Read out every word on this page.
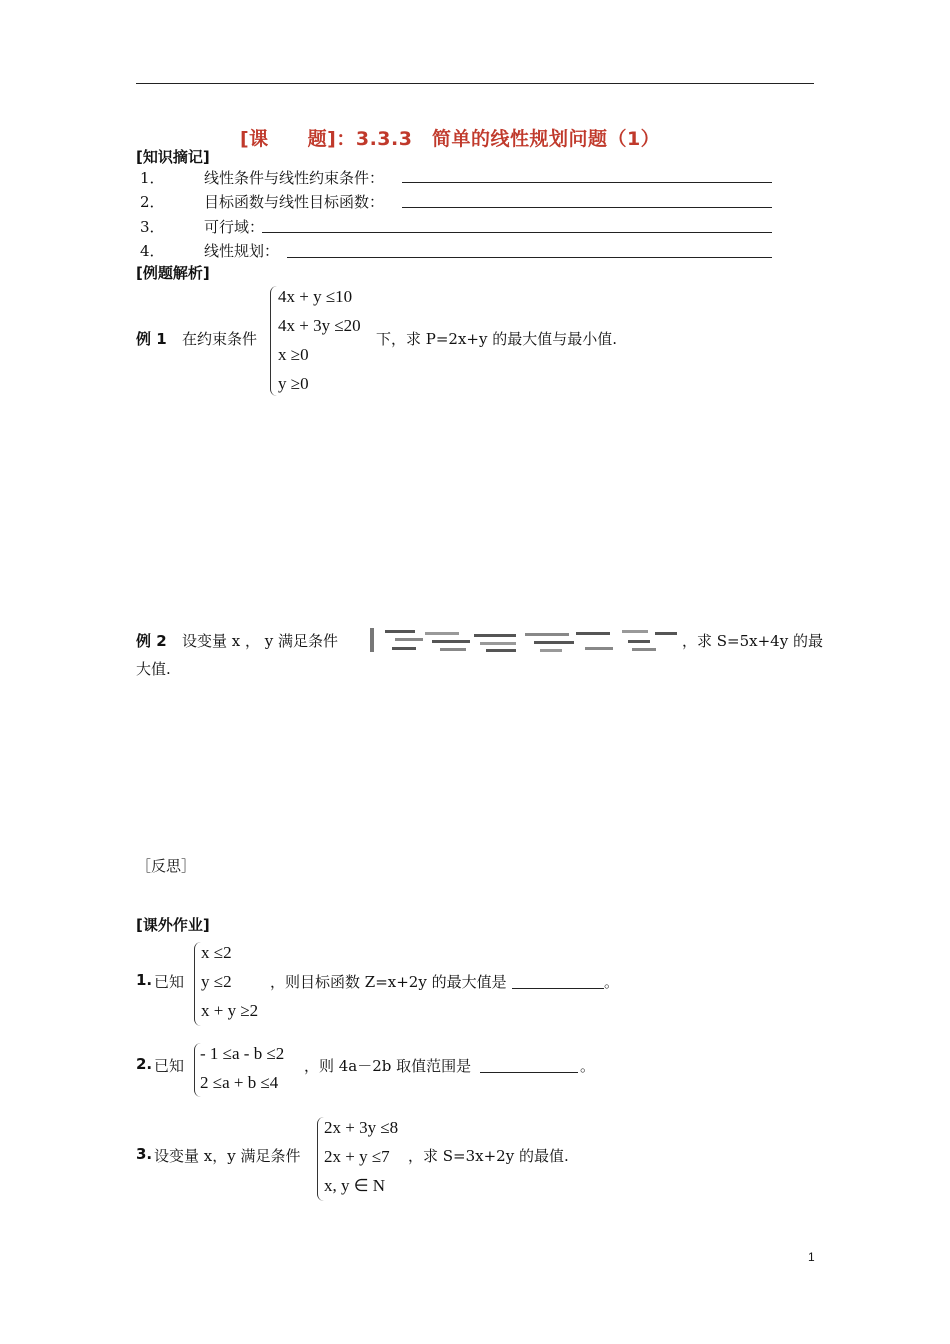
[课　　题]：3.3.3　简单的线性规划问题（1）
[知识摘记]
1．	线性条件与线性约束条件：
2．	目标函数与线性目标函数：
3．	可行域：
4．	线性规划：
[例题解析]
例 1 在约束条件
4x + y ≤10
4x + 3y ≤20
x ≥0
y ≥0
下，求 P=2x+y 的最大值与最小值.
例 2 设变量 x ， y 满足条件	，求 S=5x+4y 的最
大值.
［反思］
[课外作业]
1. 已知
x ≤2
y ≤2
x + y ≥2
，则目标函数 Z=x+2y 的最大值是	。
2. 已知
- 1 ≤a - b ≤2
2 ≤a + b ≤4
，则 4a－2b 取值范围是	。
3. 设变量 x，y 满足条件
2x + 3y ≤8
2x + y ≤7
x, y ∈ N
，求 S=3x+2y 的最值.
1
